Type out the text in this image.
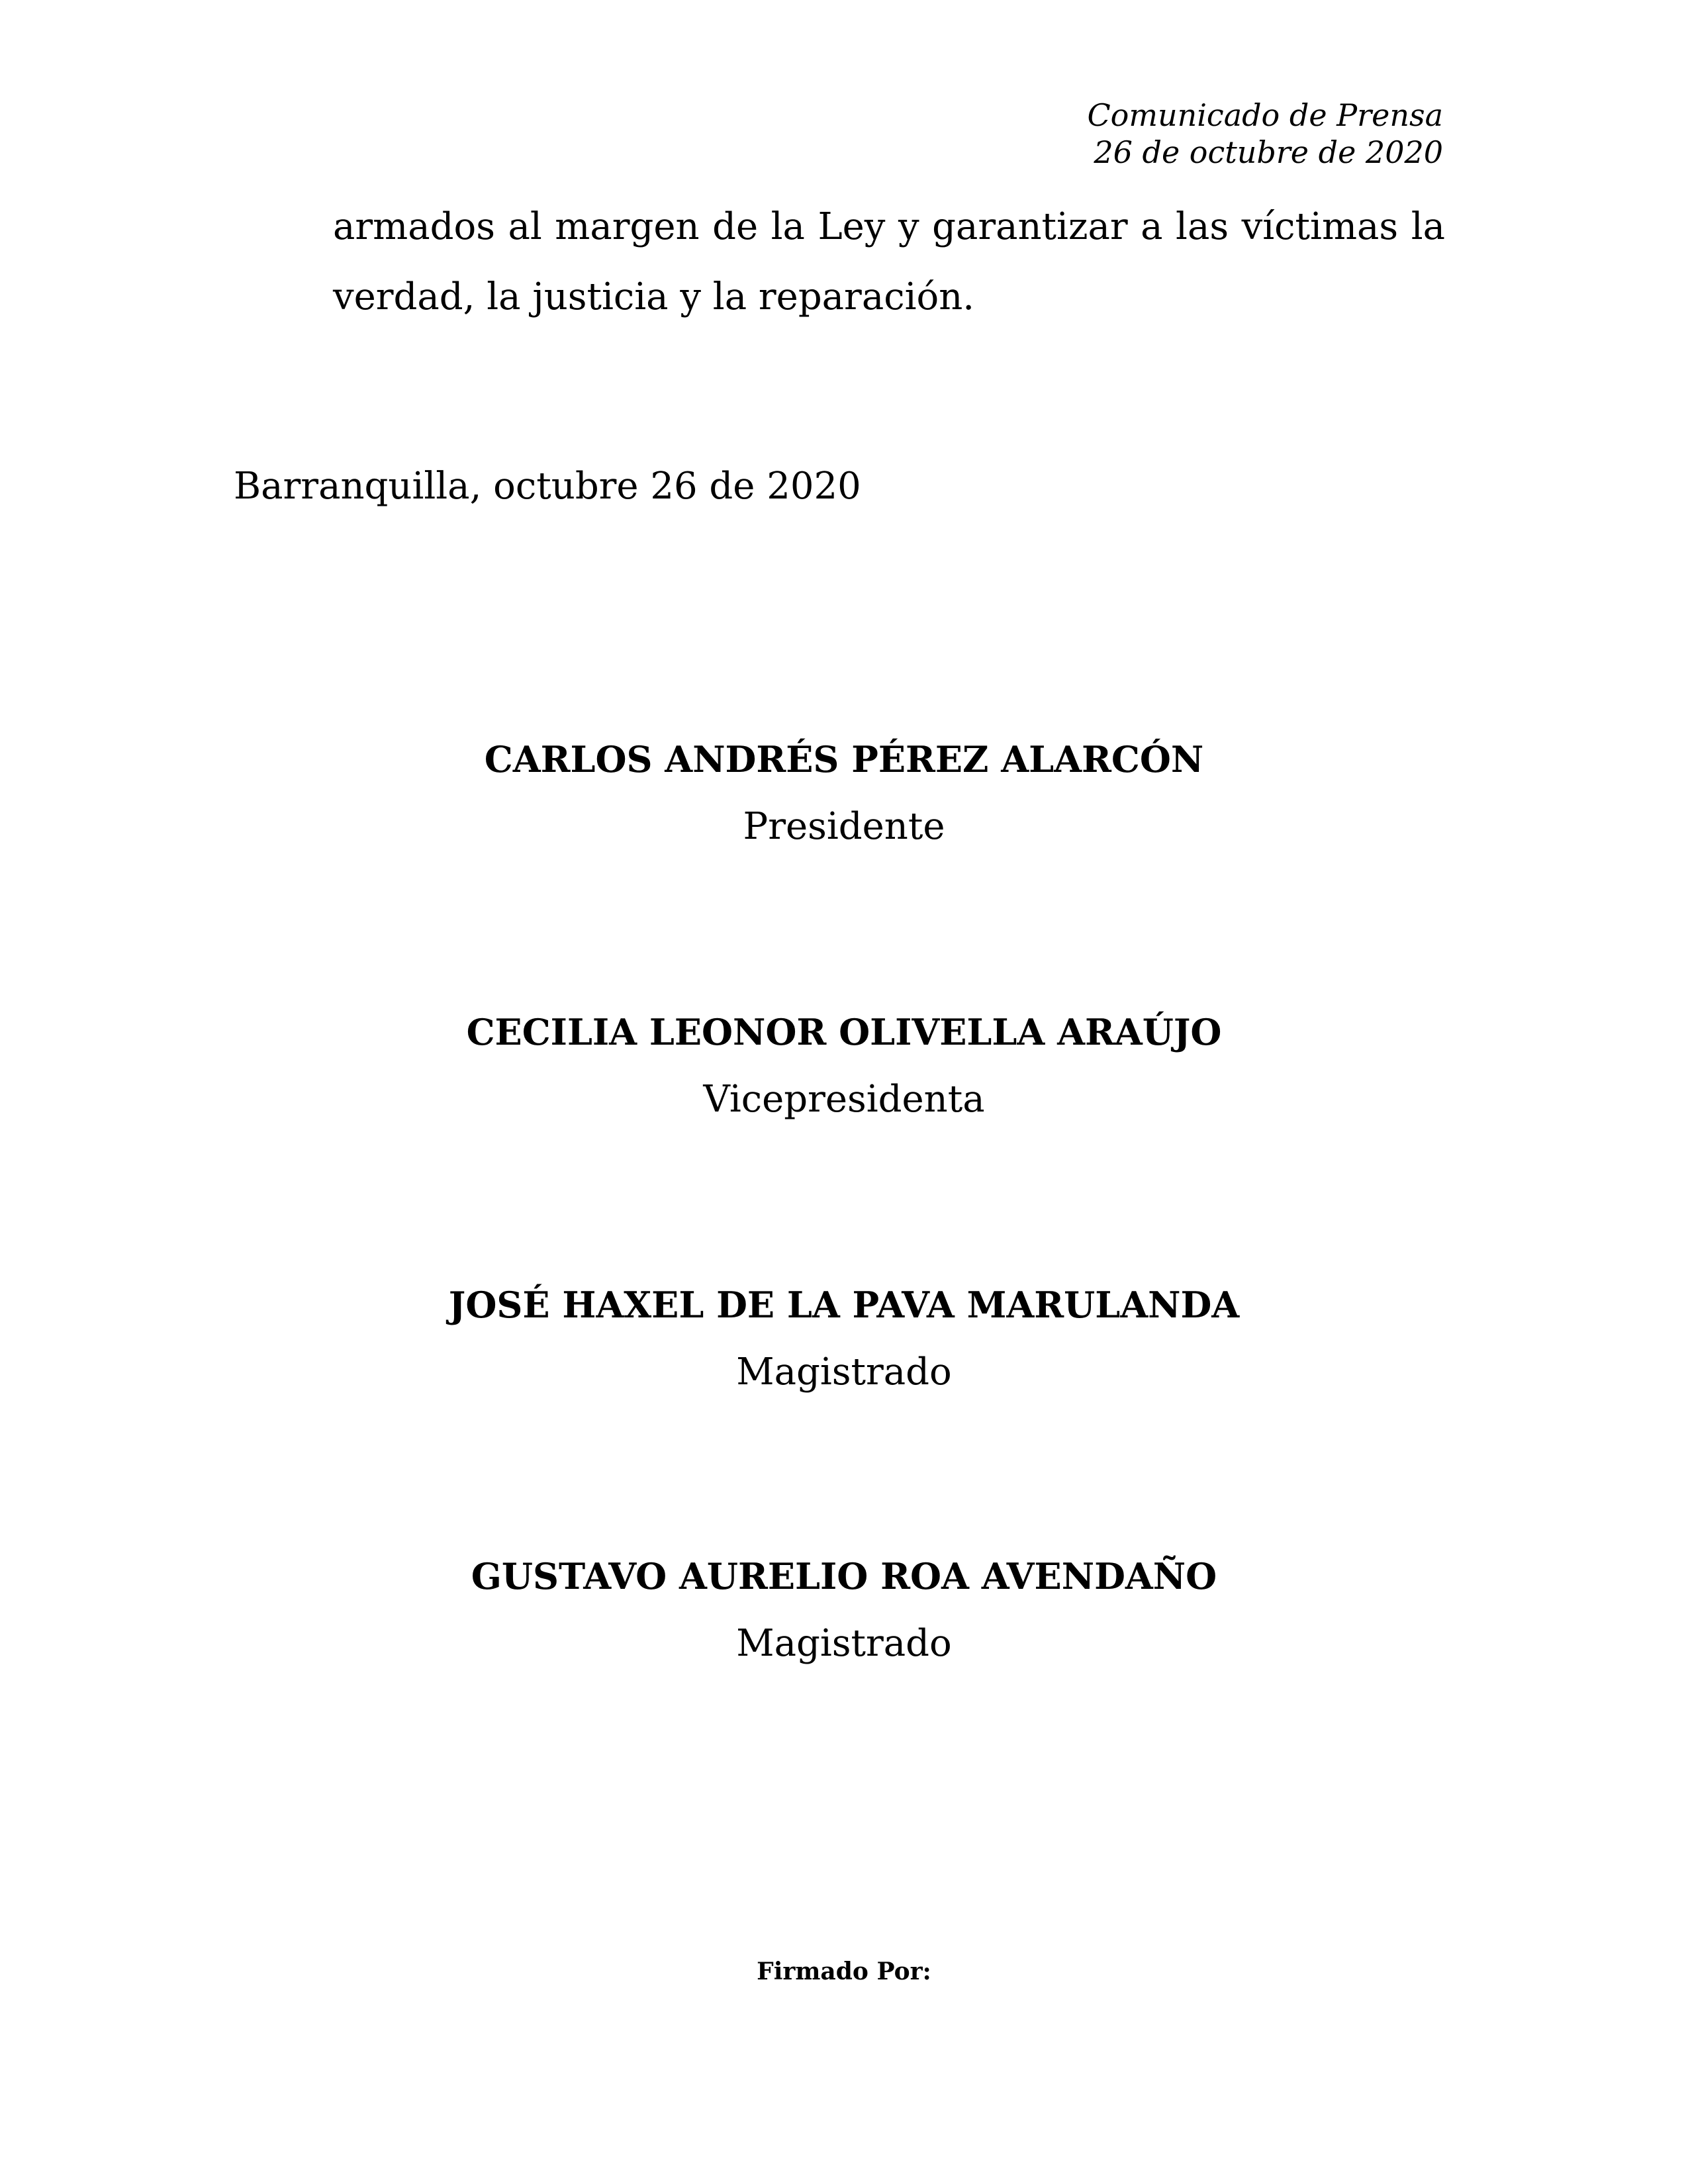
Comunicado de Prensa
26 de octubre de 2020
armados al margen de la Ley y garantizar a las víctimas la
verdad, la justicia y la reparación.
Barranquilla, octubre 26 de 2020
CARLOS ANDRÉS PÉREZ ALARCÓN
Presidente
CECILIA LEONOR OLIVELLA ARAÚJO
Vicepresidenta
JOSÉ HAXEL DE LA PAVA MARULANDA
Magistrado
GUSTAVO AURELIO ROA AVENDAÑO
Magistrado
Firmado Por:
